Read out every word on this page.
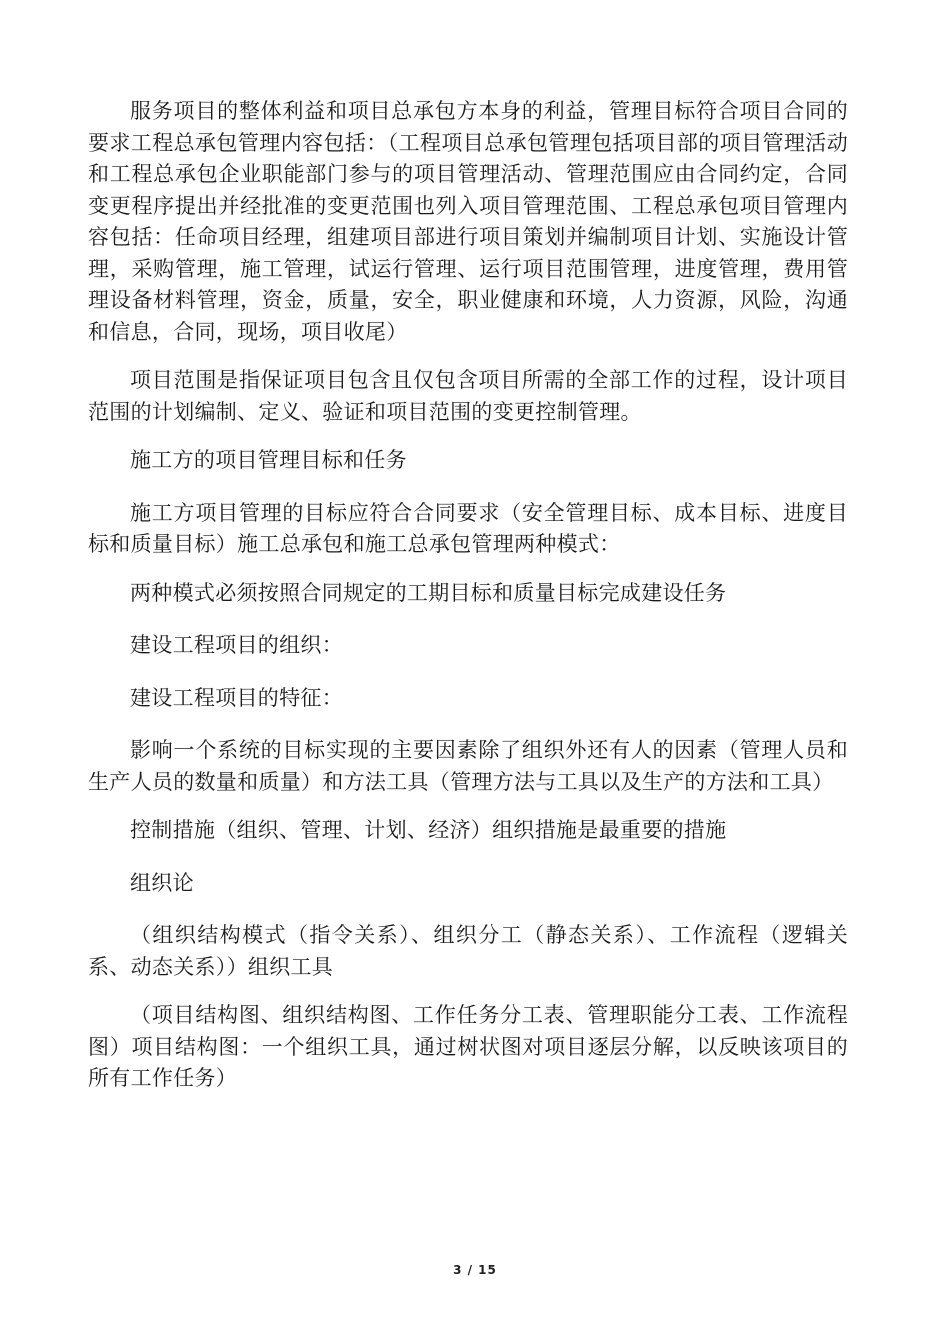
服务项目的整体利益和项目总承包方本身的利益，管理目标符合项目合同的要求工程总承包管理内容包括：（工程项目总承包管理包括项目部的项目管理活动和工程总承包企业职能部门参与的项目管理活动、管理范围应由合同约定，合同变更程序提出并经批准的变更范围也列入项目管理范围、工程总承包项目管理内容包括：任命项目经理，组建项目部进行项目策划并编制项目计划、实施设计管理，采购管理，施工管理，试运行管理、运行项目范围管理，进度管理，费用管理设备材料管理，资金，质量，安全，职业健康和环境，人力资源，风险，沟通和信息，合同，现场，项目收尾）

项目范围是指保证项目包含且仅包含项目所需的全部工作的过程，设计项目范围的计划编制、定义、验证和项目范围的变更控制管理。

施工方的项目管理目标和任务

施工方项目管理的目标应符合合同要求（安全管理目标、成本目标、进度目标和质量目标）施工总承包和施工总承包管理两种模式：

两种模式必须按照合同规定的工期目标和质量目标完成建设任务

建设工程项目的组织：

建设工程项目的特征：

影响一个系统的目标实现的主要因素除了组织外还有人的因素（管理人员和生产人员的数量和质量）和方法工具（管理方法与工具以及生产的方法和工具）

控制措施（组织、管理、计划、经济）组织措施是最重要的措施

组织论

（组织结构模式（指令关系）、组织分工（静态关系）、工作流程（逻辑关系、动态关系））组织工具

（项目结构图、组织结构图、工作任务分工表、管理职能分工表、工作流程图）项目结构图：一个组织工具，通过树状图对项目逐层分解，以反映该项目的所有工作任务）

3 / 15
